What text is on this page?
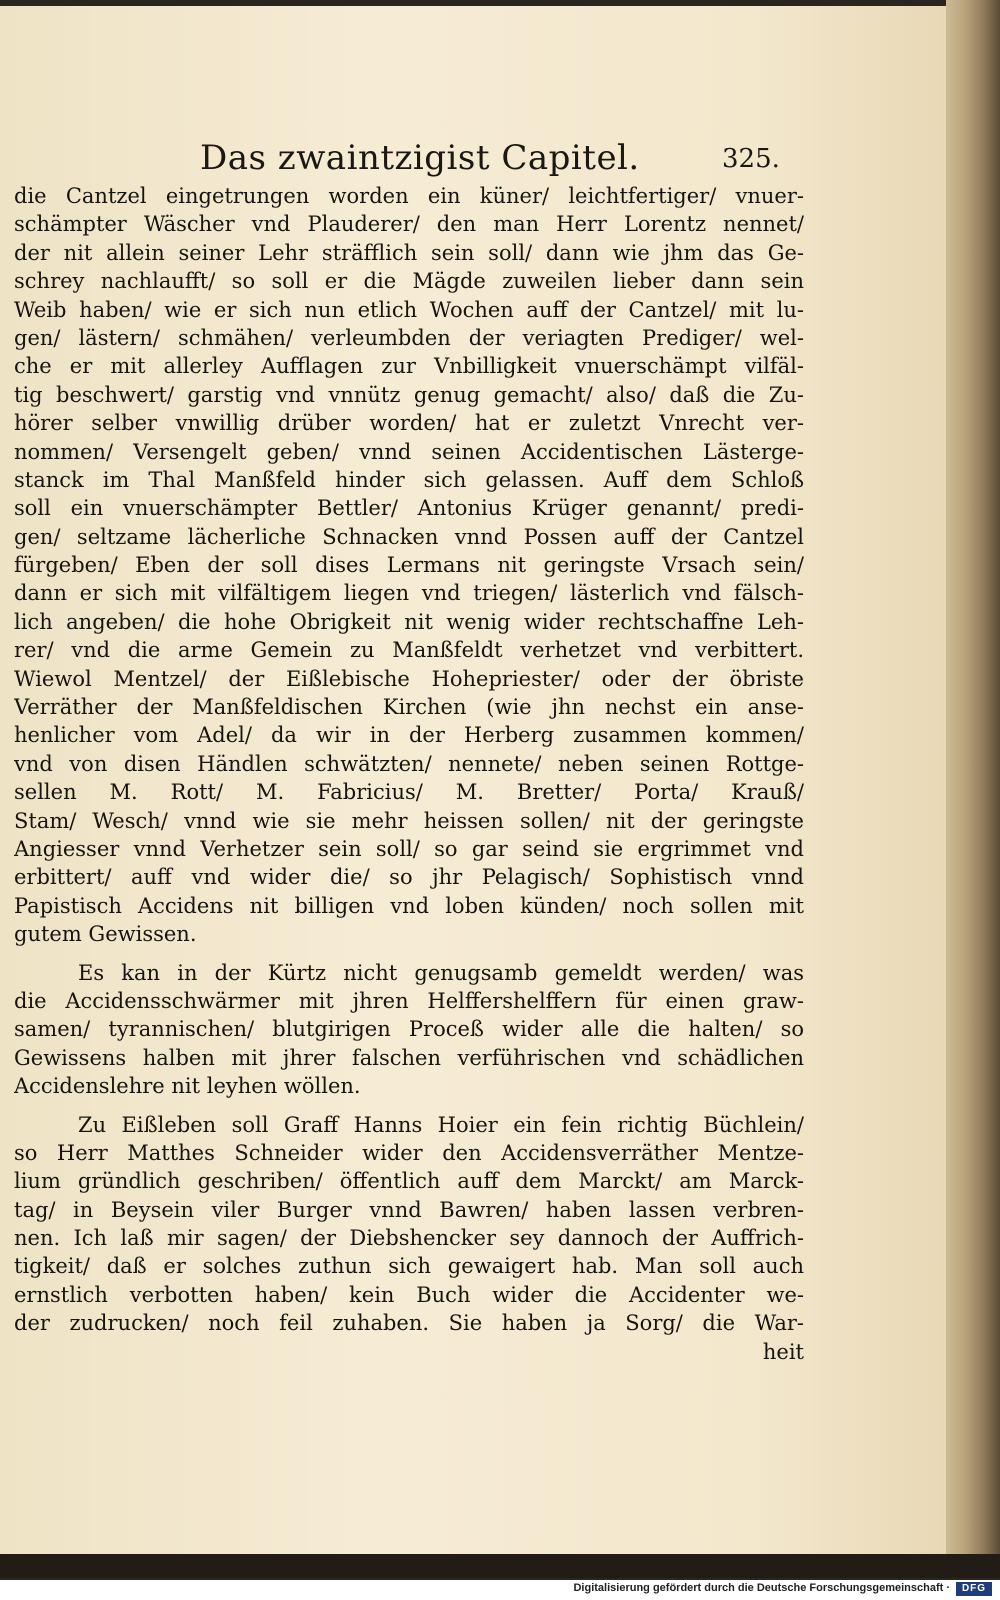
Das zwaintzigist Capitel.	325.
die Cantzel eingetrungen worden ein küner/ leichtfertiger/ vnuer-
schämpter Wäscher vnd Plauderer/ den man Herr Lorentz nennet/
der nit allein seiner Lehr sträfflich sein soll/ dann wie jhm das Ge-
schrey nachlaufft/ so soll er die Mägde zuweilen lieber dann sein
Weib haben/ wie er sich nun etlich Wochen auff der Cantzel/ mit lu-
gen/ lästern/ schmähen/ verleumbden der veriagten Prediger/ wel-
che er mit allerley Aufflagen zur Vnbilligkeit vnuerschämpt vilfäl-
tig beschwert/ garstig vnd vnnütz genug gemacht/ also/ daß die Zu-
hörer selber vnwillig drüber worden/ hat er zuletzt Vnrecht ver-
nommen/ Versengelt geben/ vnnd seinen Accidentischen Lästerge-
stanck im Thal Manßfeld hinder sich gelassen. Auff dem Schloß
soll ein vnuerschämpter Bettler/ Antonius Krüger genannt/ predi-
gen/ seltzame lächerliche Schnacken vnnd Possen auff der Cantzel
fürgeben/ Eben der soll dises Lermans nit geringste Vrsach sein/
dann er sich mit vilfältigem liegen vnd triegen/ lästerlich vnd fälsch-
lich angeben/ die hohe Obrigkeit nit wenig wider rechtschaffne Leh-
rer/ vnd die arme Gemein zu Manßfeldt verhetzet vnd verbittert.
Wiewol Mentzel/ der Eißlebische Hohepriester/ oder der öbriste
Verräther der Manßfeldischen Kirchen (wie jhn nechst ein anse-
henlicher vom Adel/ da wir in der Herberg zusammen kommen/
vnd von disen Händlen schwätzten/ nennete/ neben seinen Rottge-
sellen M. Rott/ M. Fabricius/ M. Bretter/ Porta/ Krauß/
Stam/ Wesch/ vnnd wie sie mehr heissen sollen/ nit der geringste
Angiesser vnnd Verhetzer sein soll/ so gar seind sie ergrimmet vnd
erbittert/ auff vnd wider die/ so jhr Pelagisch/ Sophistisch vnnd
Papistisch Accidens nit billigen vnd loben künden/ noch sollen mit
gutem Gewissen.
Es kan in der Kürtz nicht genugsamb gemeldt werden/ was
die Accidensschwärmer mit jhren Helffershelffern für einen graw-
samen/ tyrannischen/ blutgirigen Proceß wider alle die halten/ so
Gewissens halben mit jhrer falschen verführischen vnd schädlichen
Accidenslehre nit leyhen wöllen.
Zu Eißleben soll Graff Hanns Hoier ein fein richtig Büchlein/
so Herr Matthes Schneider wider den Accidensverräther Mentze-
lium gründlich geschriben/ öffentlich auff dem Marckt/ am Marck-
tag/ in Beysein viler Burger vnnd Bawren/ haben lassen verbren-
nen. Ich laß mir sagen/ der Diebshencker sey dannoch der Auffrich-
tigkeit/ daß er solches zuthun sich gewaigert hab. Man soll auch
ernstlich verbotten haben/ kein Buch wider die Accidenter we-
der zudrucken/ noch feil zuhaben. Sie haben ja Sorg/ die War-
heit
Digitalisierung gefördert durch die Deutsche Forschungsgemeinschaft ·	DFG
